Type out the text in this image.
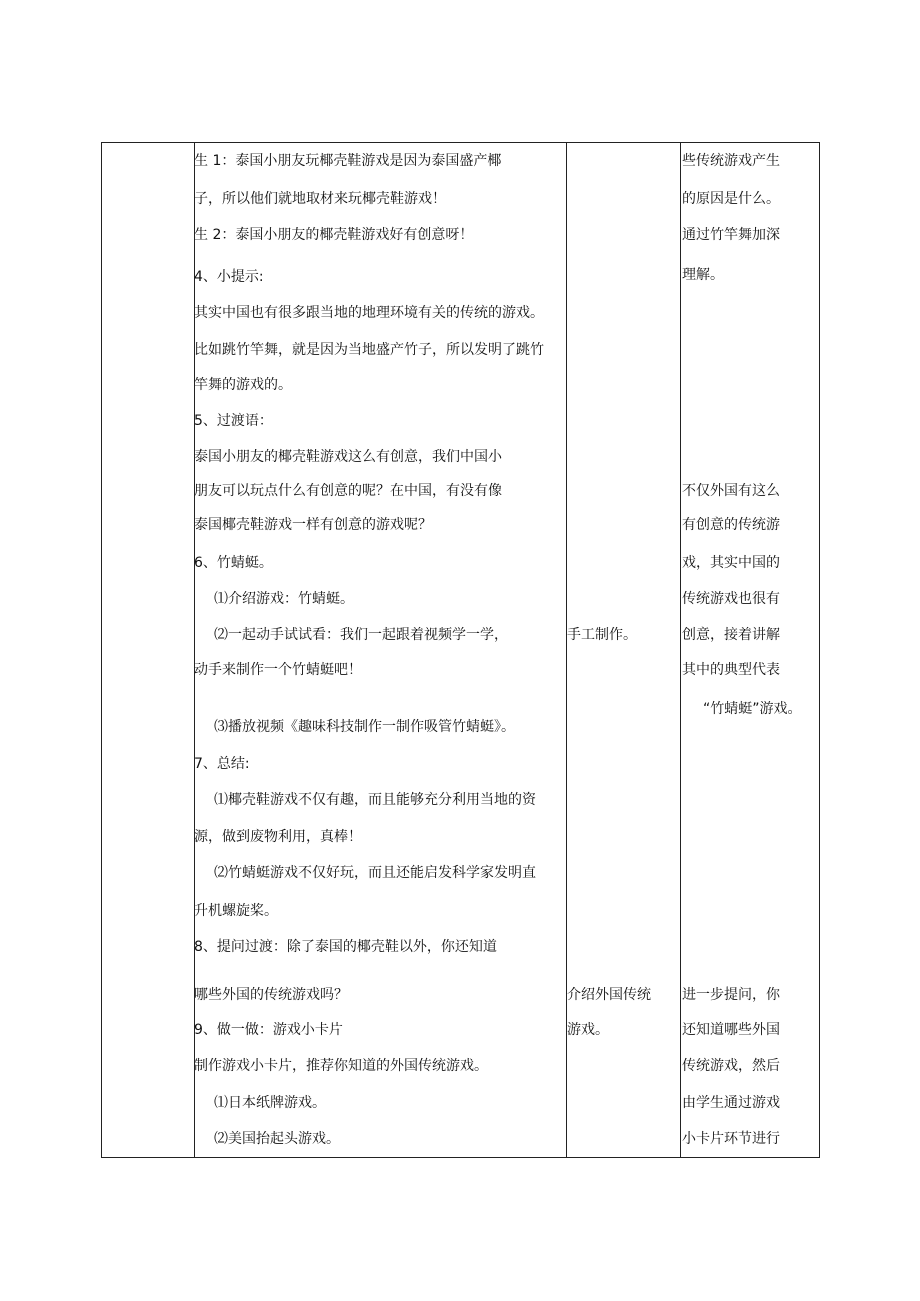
生 1：泰国小朋友玩椰壳鞋游戏是因为泰国盛产椰
子，所以他们就地取材来玩椰壳鞋游戏！
生 2：泰国小朋友的椰壳鞋游戏好有创意呀！
4、小提示:
其实中国也有很多跟当地的地理环境有关的传统的游戏。
比如跳竹竿舞，就是因为当地盛产竹子，所以发明了跳竹
竿舞的游戏的。
5、过渡语：
泰国小朋友的椰壳鞋游戏这么有创意，我们中国小
朋友可以玩点什么有创意的呢？在中国，有没有像
泰国椰壳鞋游戏一样有创意的游戏呢？
6、竹蜻蜓。
⑴介绍游戏：竹蜻蜓。
⑵一起动手试试看：我们一起跟着视频学一学，
动手来制作一个竹蜻蜓吧！
⑶播放视频《趣味科技制作一制作吸管竹蜻蜓》。
7、总结:
⑴椰壳鞋游戏不仅有趣，而且能够充分利用当地的资
源，做到废物利用，真棒！
⑵竹蜻蜓游戏不仅好玩，而且还能启发科学家发明直
升机螺旋桨。
8、提问过渡：除了泰国的椰壳鞋以外，你还知道
哪些外国的传统游戏吗？
9、做一做：游戏小卡片
制作游戏小卡片，推荐你知道的外国传统游戏。
⑴日本纸牌游戏。
⑵美国抬起头游戏。
手工制作。
介绍外国传统
游戏。
些传统游戏产生
的原因是什么。
通过竹竿舞加深
理解。
不仅外国有这么
有创意的传统游
戏，其实中国的
传统游戏也很有
创意，接着讲解
其中的典型代表
“竹蜻蜓”游戏。
进一步提问，你
还知道哪些外国
传统游戏，然后
由学生通过游戏
小卡片环节进行
